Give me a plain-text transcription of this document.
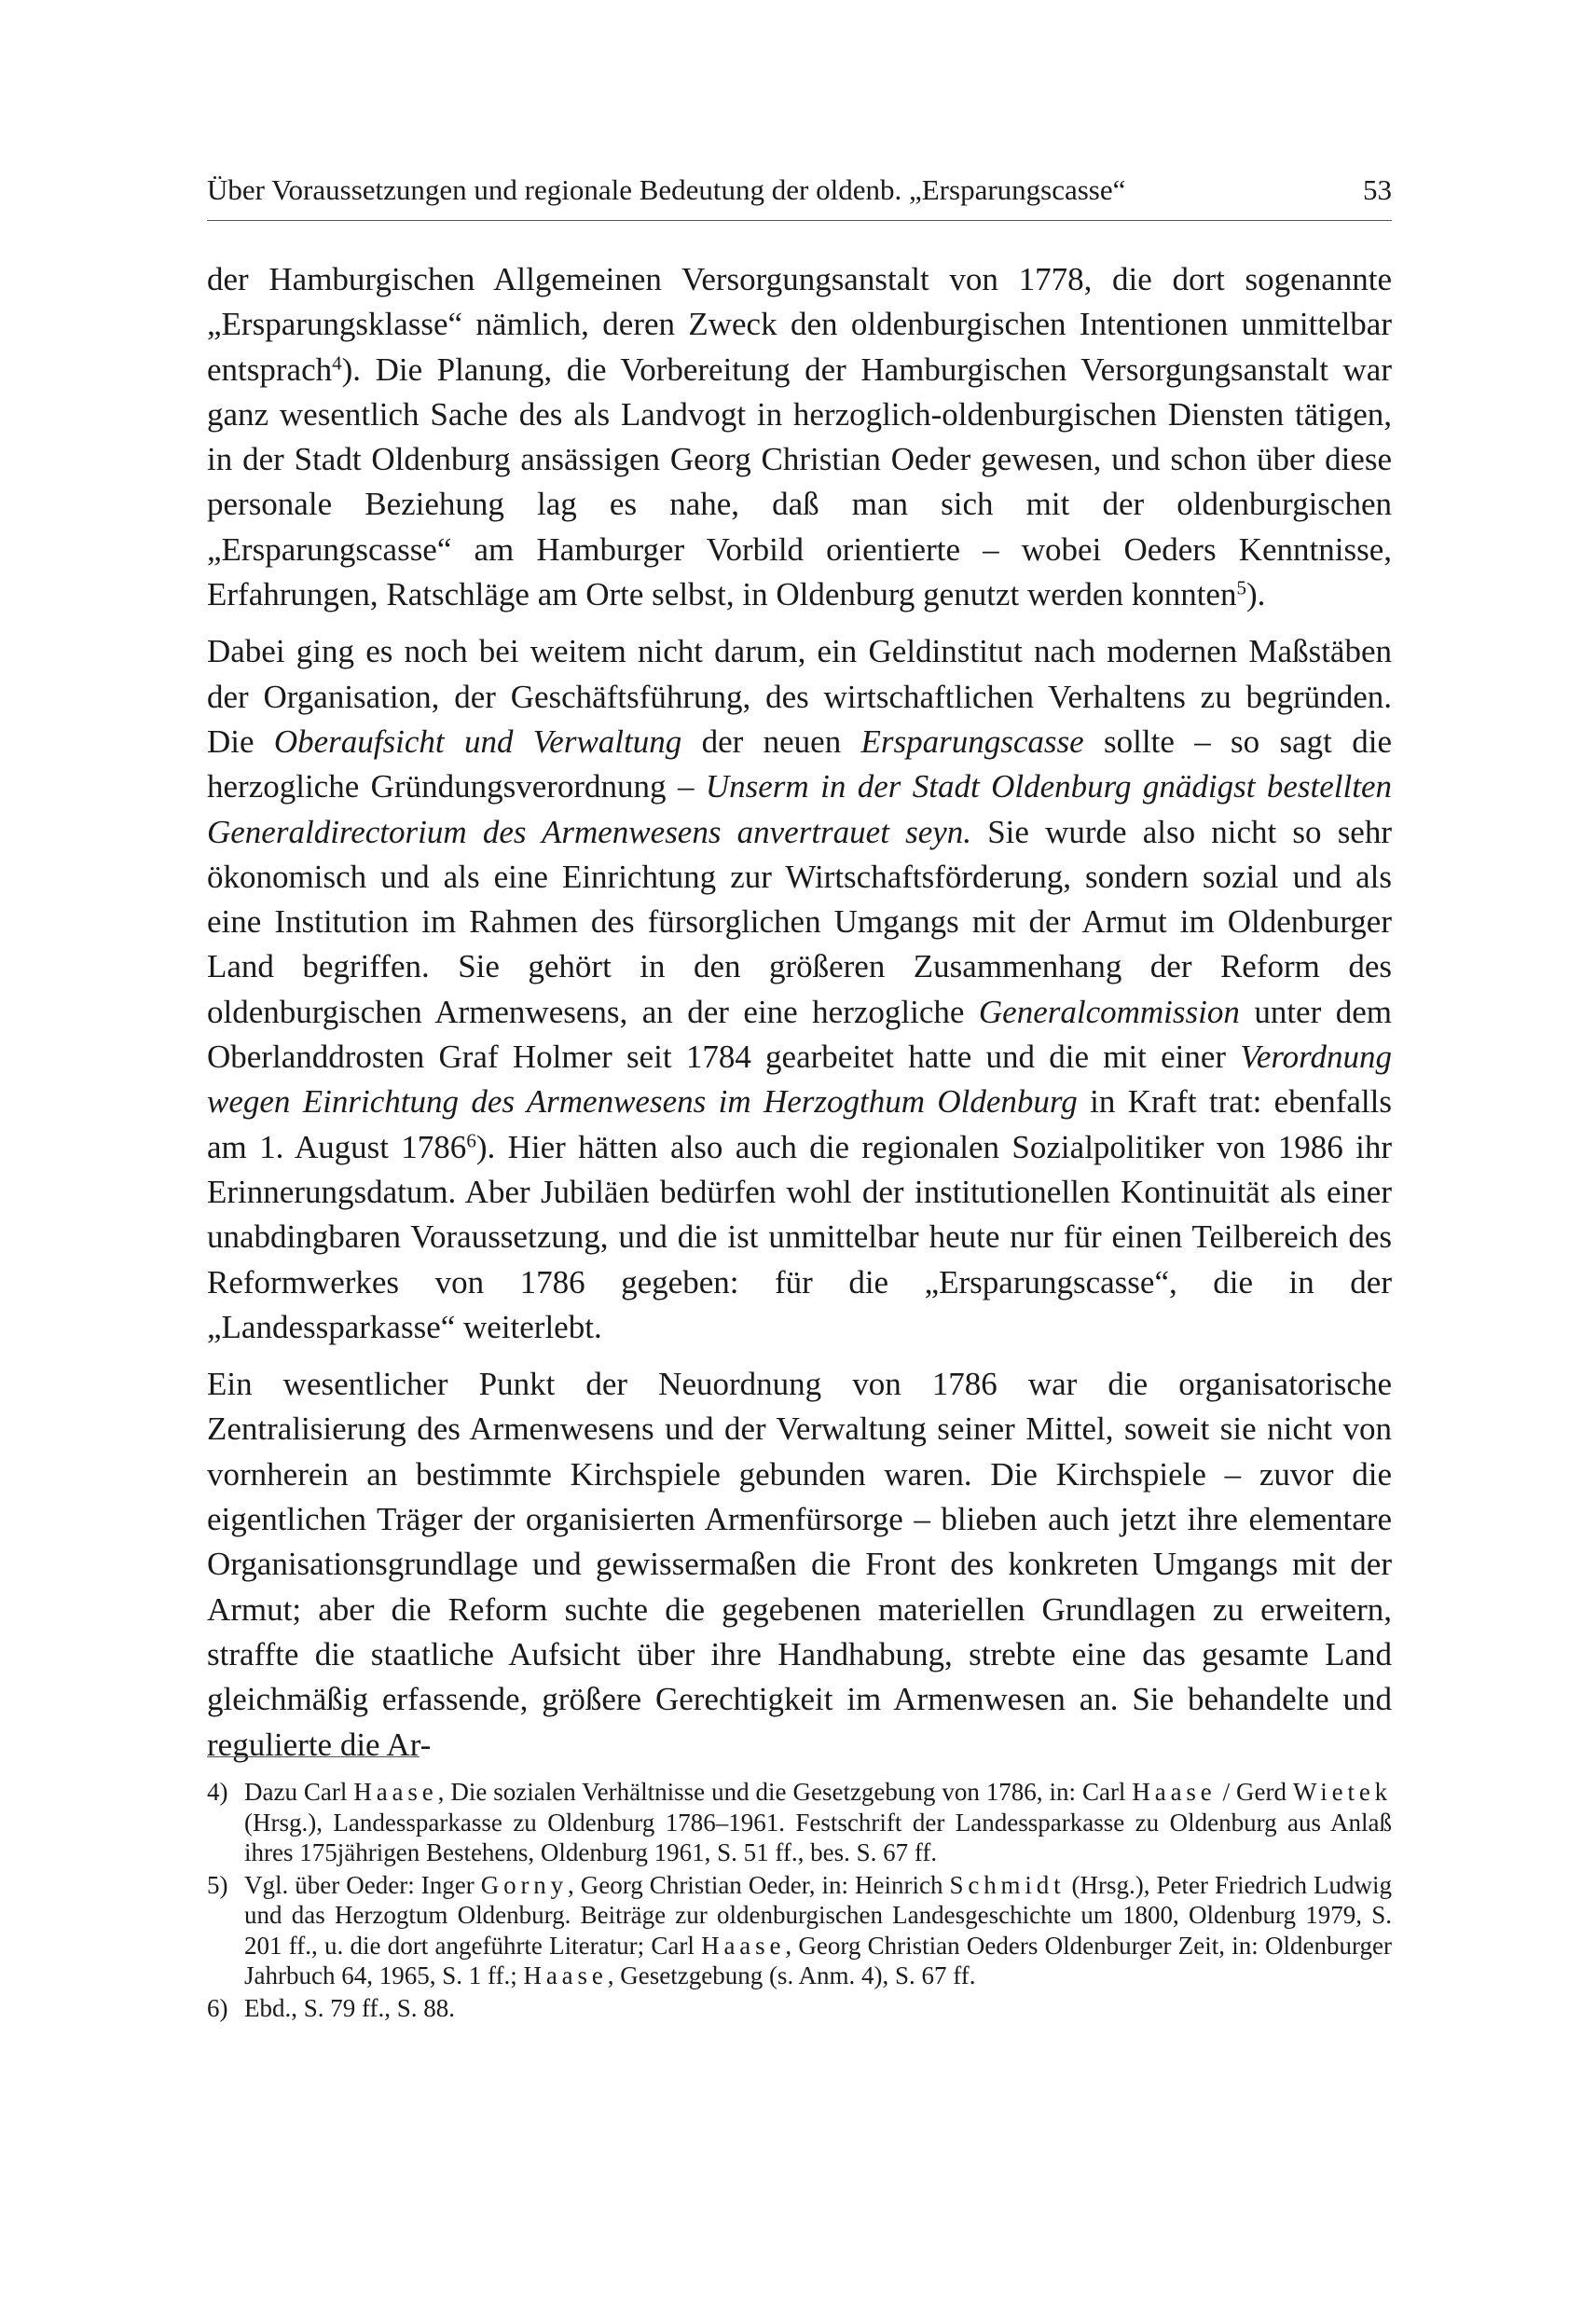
Über Voraussetzungen und regionale Bedeutung der oldenb. „Ersparungscasse“	53

der Hamburgischen Allgemeinen Versorgungsanstalt von 1778, die dort sogenannte „Ersparungsklasse“ nämlich, deren Zweck den oldenburgischen Intentionen unmittelbar entsprach$^4$). Die Planung, die Vorbereitung der Hamburgischen Versorgungsanstalt war ganz wesentlich Sache des als Landvogt in herzoglich-oldenburgischen Diensten tätigen, in der Stadt Oldenburg ansässigen Georg Christian Oeder gewesen, und schon über diese personale Beziehung lag es nahe, daß man sich mit der oldenburgischen „Ersparungscasse“ am Hamburger Vorbild orientierte – wobei Oeders Kenntnisse, Erfahrungen, Ratschläge am Orte selbst, in Oldenburg genutzt werden konnten$^5$).

Dabei ging es noch bei weitem nicht darum, ein Geldinstitut nach modernen Maßstäben der Organisation, der Geschäftsführung, des wirtschaftlichen Verhaltens zu begründen. Die Oberaufsicht und Verwaltung der neuen Ersparungscasse sollte – so sagt die herzogliche Gründungsverordnung – Unserm in der Stadt Oldenburg gnädigst bestellten Generaldirectorium des Armenwesens anvertrauet seyn. Sie wurde also nicht so sehr ökonomisch und als eine Einrichtung zur Wirtschaftsförderung, sondern sozial und als eine Institution im Rahmen des fürsorglichen Umgangs mit der Armut im Oldenburger Land begriffen. Sie gehört in den größeren Zusammenhang der Reform des oldenburgischen Armenwesens, an der eine herzogliche Generalcommission unter dem Oberlanddrosten Graf Holmer seit 1784 gearbeitet hatte und die mit einer Verordnung wegen Einrichtung des Armenwesens im Herzogthum Oldenburg in Kraft trat: ebenfalls am 1. August 1786$^6$). Hier hätten also auch die regionalen Sozialpolitiker von 1986 ihr Erinnerungsdatum. Aber Jubiläen bedürfen wohl der institutionellen Kontinuität als einer unabdingbaren Voraussetzung, und die ist unmittelbar heute nur für einen Teilbereich des Reformwerkes von 1786 gegeben: für die „Ersparungscasse“, die in der „Landessparkasse“ weiterlebt.

Ein wesentlicher Punkt der Neuordnung von 1786 war die organisatorische Zentralisierung des Armenwesens und der Verwaltung seiner Mittel, soweit sie nicht von vornherein an bestimmte Kirchspiele gebunden waren. Die Kirchspiele – zuvor die eigentlichen Träger der organisierten Armenfürsorge – blieben auch jetzt ihre elementare Organisationsgrundlage und gewissermaßen die Front des konkreten Umgangs mit der Armut; aber die Reform suchte die gegebenen materiellen Grundlagen zu erweitern, straffte die staatliche Aufsicht über ihre Handhabung, strebte eine das gesamte Land gleichmäßig erfassende, größere Gerechtigkeit im Armenwesen an. Sie behandelte und regulierte die Ar-

4) Dazu Carl Haase, Die sozialen Verhältnisse und die Gesetzgebung von 1786, in: Carl Haase / Gerd Wietek (Hrsg.), Landessparkasse zu Oldenburg 1786–1961. Festschrift der Landessparkasse zu Oldenburg aus Anlaß ihres 175jährigen Bestehens, Oldenburg 1961, S. 51 ff., bes. S. 67 ff.
5) Vgl. über Oeder: Inger Gorny, Georg Christian Oeder, in: Heinrich Schmidt (Hrsg.), Peter Friedrich Ludwig und das Herzogtum Oldenburg. Beiträge zur oldenburgischen Landesgeschichte um 1800, Oldenburg 1979, S. 201 ff., u. die dort angeführte Literatur; Carl Haase, Georg Christian Oeders Oldenburger Zeit, in: Oldenburger Jahrbuch 64, 1965, S. 1 ff.; Haase, Gesetzgebung (s. Anm. 4), S. 67 ff.
6) Ebd., S. 79 ff., S. 88.
